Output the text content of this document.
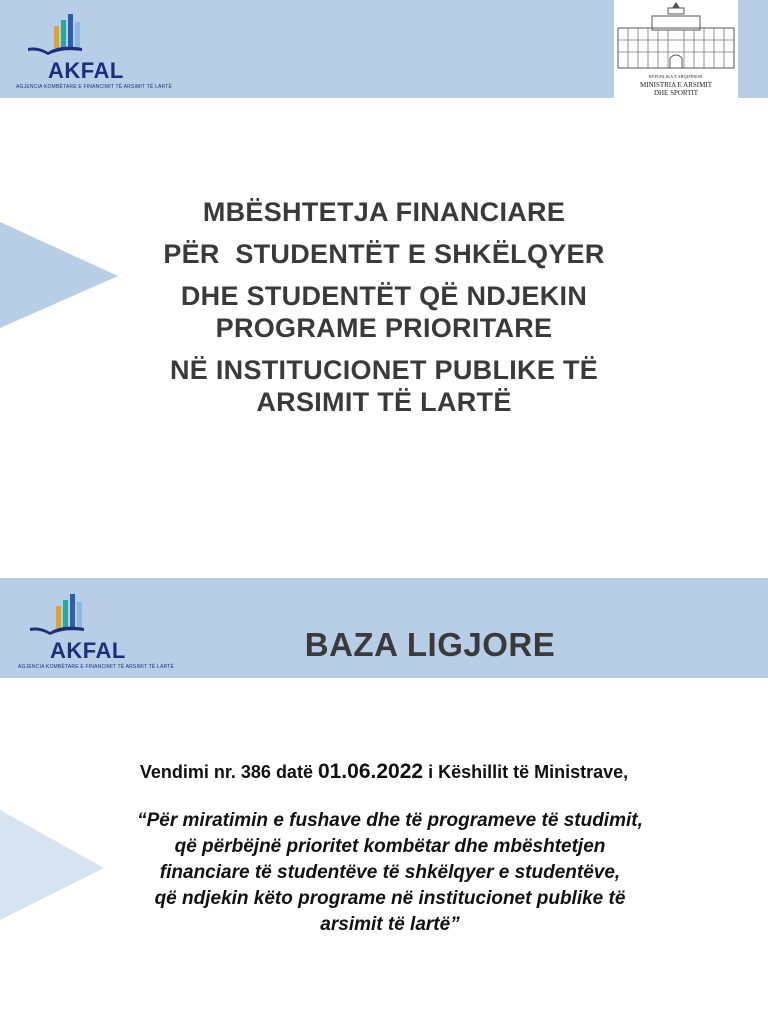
AKFAL
AGJENCIA KOMBËTARE E FINANCIMIT TË ARSIMIT TË LARTË
REPUBLIKA E SHQIPËRISË
MINISTRIA E ARSIMIT
DHE SPORTIT
MBËSHTETJA FINANCIARE
PËR  STUDENTËT E SHKËLQYER
DHE STUDENTËT QË NDJEKIN
PROGRAME PRIORITARE
NË INSTITUCIONET PUBLIKE TË
ARSIMIT TË LARTË
AKFAL
AGJENCIA KOMBËTARE E FINANCIMIT TË ARSIMIT TË LARTË
BAZA LIGJORE
Vendimi nr. 386 datë 01.06.2022 i Këshillit të Ministrave,
“Për miratimin e fushave dhe të programeve të studimit,
që përbëjnë prioritet kombëtar dhe mbështetjen
financiare të studentëve të shkëlqyer e studentëve,
që ndjekin këto programe në institucionet publike të
arsimit të lartë”
